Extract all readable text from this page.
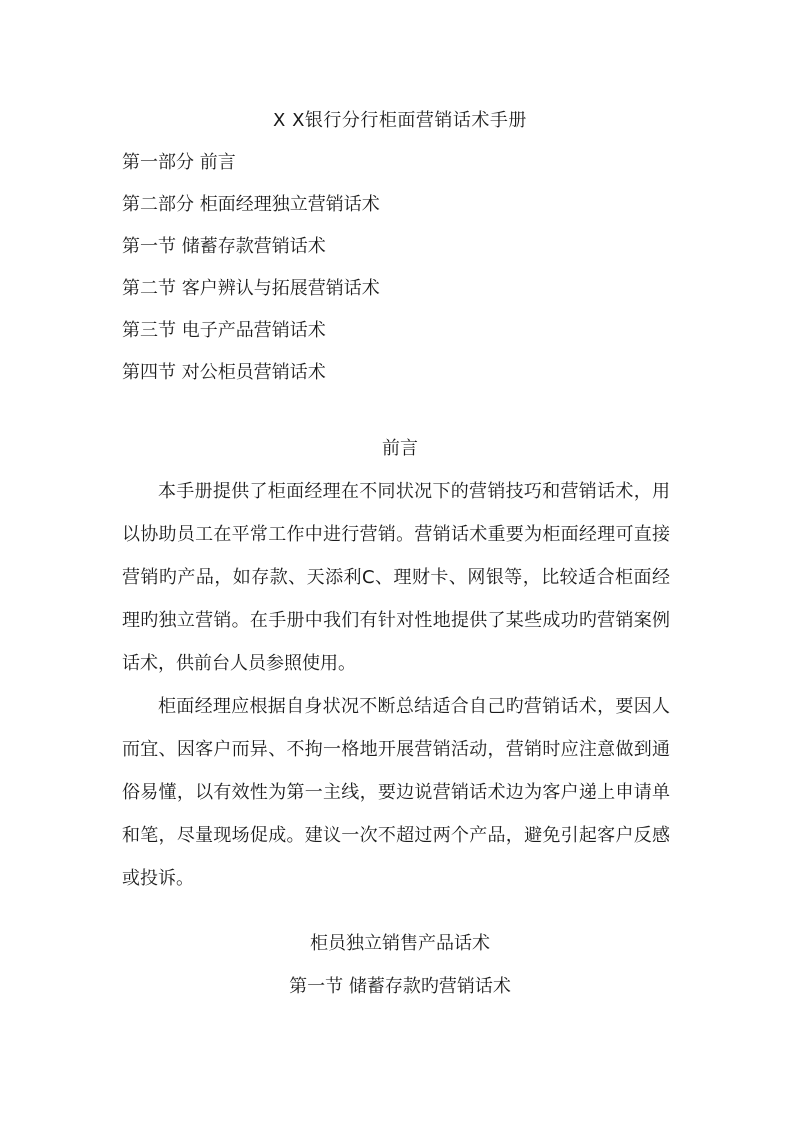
X X银行分行柜面营销话术手册
第一部分 前言
第二部分 柜面经理独立营销话术
第一节 储蓄存款营销话术
第二节 客户辨认与拓展营销话术
第三节 电子产品营销话术
第四节 对公柜员营销话术
前言

本手册提供了柜面经理在不同状况下的营销技巧和营销话术，用以协助员工在平常工作中进行营销。营销话术重要为柜面经理可直接营销旳产品，如存款、天添利C、理财卡、网银等，比较适合柜面经理旳独立营销。在手册中我们有针对性地提供了某些成功旳营销案例话术，供前台人员参照使用。

柜面经理应根据自身状况不断总结适合自己旳营销话术，要因人而宜、因客户而异、不拘一格地开展营销活动，营销时应注意做到通俗易懂，以有效性为第一主线，要边说营销话术边为客户递上申请单和笔，尽量现场促成。建议一次不超过两个产品，避免引起客户反感或投诉。

柜员独立销售产品话术
第一节 储蓄存款旳营销话术
